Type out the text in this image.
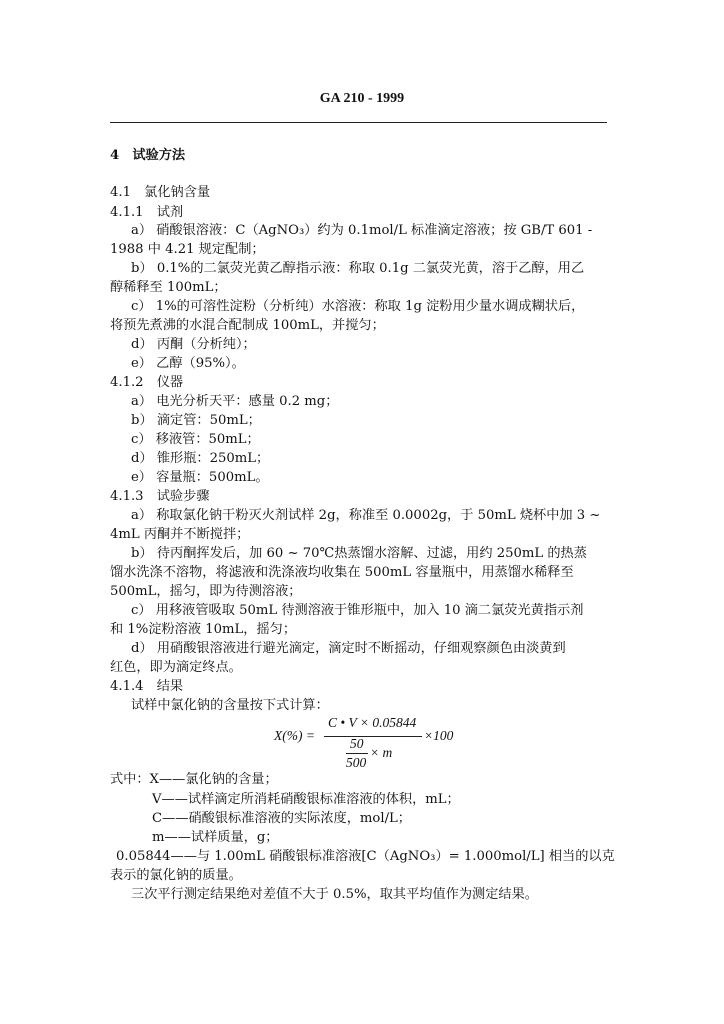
GA 210 - 1999
4　试验方法
4.1　氯化钠含量
4.1.1　试剂
a） 硝酸银溶液：C（AgNO₃）约为 0.1mol/L 标准滴定溶液；按 GB/T 601 -
1988 中 4.21 规定配制；
b） 0.1%的二氯荧光黄乙醇指示液：称取 0.1g 二氯荧光黄，溶于乙醇，用乙
醇稀释至 100mL；
c） 1%的可溶性淀粉（分析纯）水溶液：称取 1g 淀粉用少量水调成糊状后，
将预先煮沸的水混合配制成 100mL，并搅匀；
d） 丙酮（分析纯）；
e） 乙醇（95%）。
4.1.2　仪器
a） 电光分析天平：感量 0.2 mg；
b） 滴定管：50mL；
c） 移液管：50mL；
d） 锥形瓶：250mL；
e） 容量瓶：500mL。
4.1.3　试验步骤
a） 称取氯化钠干粉灭火剂试样 2g，称准至 0.0002g，于 50mL 烧杯中加 3 ~
4mL 丙酮并不断搅拌；
b） 待丙酮挥发后，加 60 ~ 70℃热蒸馏水溶解、过滤，用约 250mL 的热蒸
馏水洗涤不溶物，将滤液和洗涤液均收集在 500mL 容量瓶中，用蒸馏水稀释至
500mL，摇匀，即为待测溶液；
c） 用移液管吸取 50mL 待测溶液于锥形瓶中，加入 10 滴二氯荧光黄指示剂
和 1%淀粉溶液 10mL，摇匀；
d） 用硝酸银溶液进行避光滴定，滴定时不断摇动，仔细观察颜色由淡黄到
红色，即为滴定终点。
4.1.4　结果
试样中氯化钠的含量按下式计算：
X(%) =
C • V × 0.05844
×100
50
× m
500
式中：X——氯化钠的含量；
V——试样滴定所消耗硝酸银标准溶液的体积，mL；
C——硝酸银标准溶液的实际浓度，mol/L；
m——试样质量，g；
0.05844——与 1.00mL 硝酸银标准溶液[C（AgNO₃）= 1.000mol/L] 相当的以克
表示的氯化钠的质量。
三次平行测定结果绝对差值不大于 0.5%，取其平均值作为测定结果。
